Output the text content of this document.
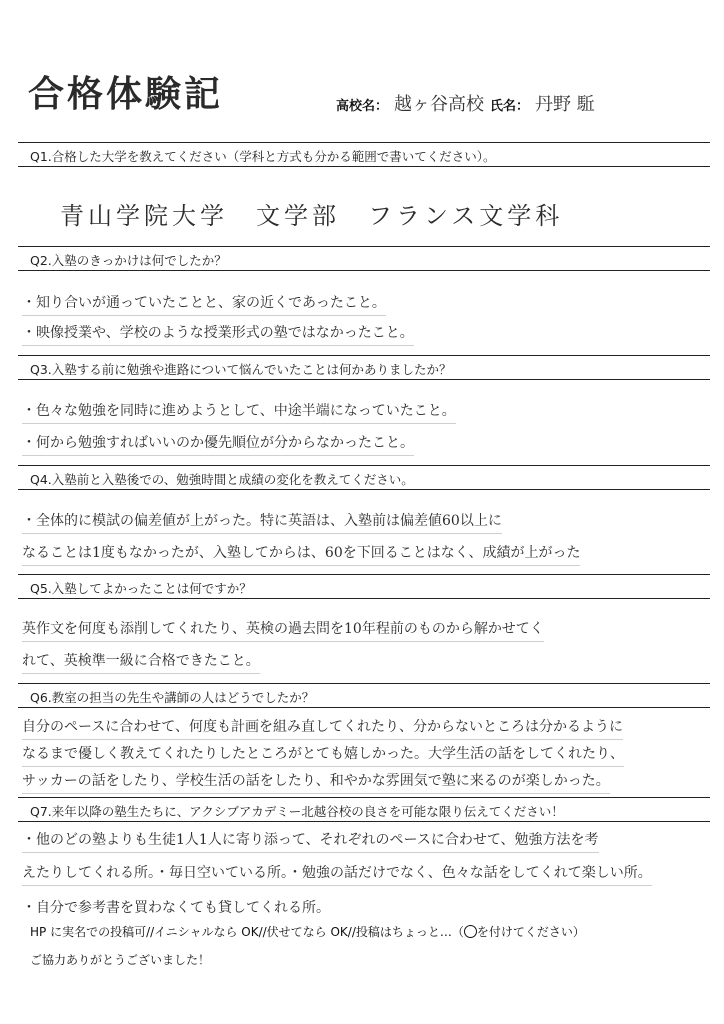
合格体験記	高校名： 越ヶ谷高校 氏名： 丹野 駈
Q1.合格した大学を教えてください（学科と方式も分かる範囲で書いてください）。
青山学院大学　文学部　フランス文学科
Q2.入塾のきっかけは何でしたか？
・知り合いが通っていたことと、家の近くであったこと。
・映像授業や、学校のような授業形式の塾ではなかったこと。
Q3.入塾する前に勉強や進路について悩んでいたことは何かありましたか？
・色々な勉強を同時に進めようとして、中途半端になっていたこと。
・何から勉強すればいいのか優先順位が分からなかったこと。
Q4.入塾前と入塾後での、勉強時間と成績の変化を教えてください。
・全体的に模試の偏差値が上がった。特に英語は、入塾前は偏差値60以上に
なることは1度もなかったが、入塾してからは、60を下回ることはなく、成績が上がった
Q5.入塾してよかったことは何ですか？
英作文を何度も添削してくれたり、英検の過去問を10年程前のものから解かせてく
れて、英検準一級に合格できたこと。
Q6.教室の担当の先生や講師の人はどうでしたか？
自分のペースに合わせて、何度も計画を組み直してくれたり、分からないところは分かるように
なるまで優しく教えてくれたりしたところがとても嬉しかった。大学生活の話をしてくれたり、
サッカーの話をしたり、学校生活の話をしたり、和やかな雰囲気で塾に来るのが楽しかった。
Q7.来年以降の塾生たちに、アクシブアカデミー北越谷校の良さを可能な限り伝えてください！
・他のどの塾よりも生徒1人1人に寄り添って、それぞれのペースに合わせて、勉強方法を考
えたりしてくれる所。・毎日空いている所。・勉強の話だけでなく、色々な話をしてくれて楽しい所。
・自分で参考書を買わなくても貸してくれる所。
HP に実名での投稿可//イニシャルなら OK//伏せてなら OK//投稿はちょっと…（○を付けてください）
ご協力ありがとうございました！
